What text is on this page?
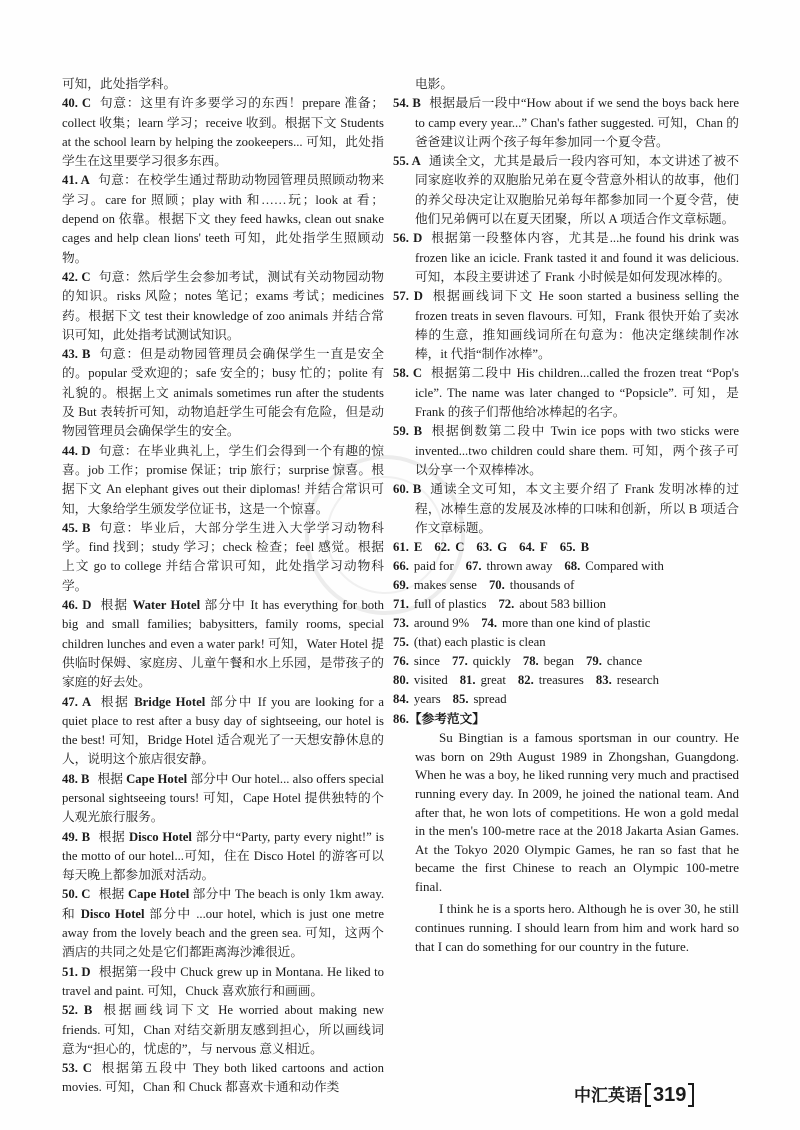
可知，此处指学科。

40. C 句意：这里有许多要学习的东西！prepare 准备；collect 收集；learn 学习；receive 收到。根据下文 Students at the school learn by helping the zookeepers... 可知，此处指学生在这里要学习很多东西。

41. A 句意：在校学生通过帮助动物园管理员照顾动物来学习。care for 照顾；play with 和……玩；look at 看；depend on 依靠。根据下文 they feed hawks, clean out snake cages and help clean lions' teeth 可知，此处指学生照顾动物。

42. C 句意：然后学生会参加考试，测试有关动物园动物的知识。risks 风险；notes 笔记；exams 考试；medicines 药。根据下文 test their knowledge of zoo animals 并结合常识可知，此处指考试测试知识。

43. B 句意：但是动物园管理员会确保学生一直是安全的。popular 受欢迎的；safe 安全的；busy 忙的；polite 有礼貌的。根据上文 animals sometimes run after the students 及 But 表转折可知，动物追赶学生可能会有危险，但是动物园管理员会确保学生的安全。

44. D 句意：在毕业典礼上，学生们会得到一个有趣的惊喜。job 工作；promise 保证；trip 旅行；surprise 惊喜。根据下文 An elephant gives out their diplomas! 并结合常识可知，大象给学生颁发学位证书，这是一个惊喜。

45. B 句意：毕业后，大部分学生进入大学学习动物科学。find 找到；study 学习；check 检查；feel 感觉。根据上文 go to college 并结合常识可知，此处指学习动物科学。

46. D 根据 Water Hotel 部分中 It has everything for both big and small families; babysitters, family rooms, special children lunches and even a water park! 可知，Water Hotel 提供临时保姆、家庭房、儿童午餐和水上乐园，是带孩子的家庭的好去处。

47. A 根据 Bridge Hotel 部分中 If you are looking for a quiet place to rest after a busy day of sightseeing, our hotel is the best! 可知，Bridge Hotel 适合观光了一天想安静休息的人，说明这个旅店很安静。

48. B 根据 Cape Hotel 部分中 Our hotel... also offers special personal sightseeing tours! 可知，Cape Hotel 提供独特的个人观光旅行服务。

49. B 根据 Disco Hotel 部分中“Party, party every night!” is the motto of our hotel...可知，住在 Disco Hotel 的游客可以每天晚上都参加派对活动。

50. C 根据 Cape Hotel 部分中 The beach is only 1km away. 和 Disco Hotel 部分中 ...our hotel, which is just one metre away from the lovely beach and the green sea. 可知，这两个酒店的共同之处是它们都距离海沙滩很近。

51. D 根据第一段中 Chuck grew up in Montana. He liked to travel and paint. 可知，Chuck 喜欢旅行和画画。

52. B 根据画线词下文 He worried about making new friends. 可知，Chan 对结交新朋友感到担心，所以画线词意为“担心的，忧虑的”，与 nervous 意义相近。

53. C 根据第五段中 They both liked cartoons and action movies. 可知，Chan 和 Chuck 都喜欢卡通和动作类

电影。

54. B 根据最后一段中“How about if we send the boys back here to camp every year...” Chan's father suggested. 可知，Chan 的爸爸建议让两个孩子每年参加同一个夏令营。

55. A 通读全文，尤其是最后一段内容可知，本文讲述了被不同家庭收养的双胞胎兄弟在夏令营意外相认的故事，他们的养父母决定让双胞胎兄弟每年都参加同一个夏令营，使他们兄弟俩可以在夏天团聚，所以 A 项适合作文章标题。

56. D 根据第一段整体内容，尤其是...he found his drink was frozen like an icicle. Frank tasted it and found it was delicious. 可知，本段主要讲述了 Frank 小时候是如何发现冰棒的。

57. D 根据画线词下文 He soon started a business selling the frozen treats in seven flavours. 可知，Frank 很快开始了卖冰棒的生意，推知画线词所在句意为：他决定继续制作冰棒，it 代指“制作冰棒”。

58. C 根据第二段中 His children...called the frozen treat “Pop's icle”. The name was later changed to “Popsicle”. 可知，是 Frank 的孩子们帮他给冰棒起的名字。

59. B 根据倒数第二段中 Twin ice pops with two sticks were invented...two children could share them. 可知，两个孩子可以分享一个双棒棒冰。

60. B 通读全文可知，本文主要介绍了 Frank 发明冰棒的过程，冰棒生意的发展及冰棒的口味和创新，所以 B 项适合作文章标题。

61. E 62. C 63. G 64. F 65. B

66. paid for 67. thrown away 68. Compared with

69. makes sense 70. thousands of

71. full of plastics 72. about 583 billion

73. around 9% 74. more than one kind of plastic

75. (that) each plastic is clean

76. since 77. quickly 78. began 79. chance

80. visited 81. great 82. treasures 83. research

84. years 85. spread

86.【参考范文】

Su Bingtian is a famous sportsman in our country. He was born on 29th August 1989 in Zhongshan, Guangdong. When he was a boy, he liked running very much and practised running every day. In 2009, he joined the national team. And after that, he won lots of competitions. He won a gold medal in the men's 100-metre race at the 2018 Jakarta Asian Games. At the Tokyo 2020 Olympic Games, he ran so fast that he became the first Chinese to reach an Olympic 100-metre final.

I think he is a sports hero. Although he is over 30, he still continues running. I should learn from him and work hard so that I can do something for our country in the future.

中汇英语 319
